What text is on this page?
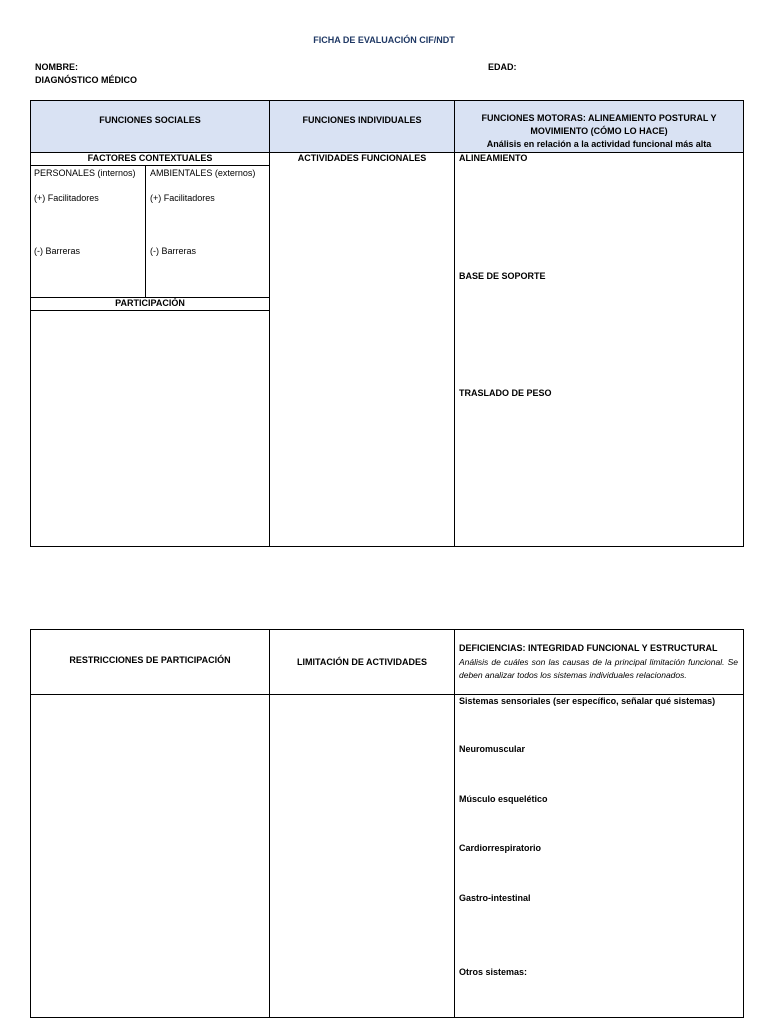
FICHA DE EVALUACIÓN CIF/NDT
NOMBRE:
DIAGNÓSTICO MÉDICO
EDAD:
FUNCIONES SOCIALES	FUNCIONES INDIVIDUALES	FUNCIONES MOTORAS: ALINEAMIENTO POSTURAL Y
MOVIMIENTO (CÓMO LO HACE)
Análisis en relación a la actividad funcional más alta
FACTORES CONTEXTUALES
PERSONALES (internos) AMBIENTALES (externos)
(+) Facilitadores	(+) Facilitadores
(-) Barreras	(-) Barreras
PARTICIPACIÓN
ACTIVIDADES FUNCIONALES	ALINEAMIENTO
BASE DE SOPORTE
TRASLADO DE PESO
RESTRICCIONES DE PARTICIPACIÓN	LIMITACIÓN DE ACTIVIDADES
DEFICIENCIAS: INTEGRIDAD FUNCIONAL Y ESTRUCTURAL
Análisis de cuáles son las causas de la principal limitación funcional. Se deben analizar todos los sistemas individuales relacionados.
Sistemas sensoriales (ser específico, señalar qué sistemas)
Neuromuscular
Músculo esquelético
Cardiorrespiratorio
Gastro-intestinal
Otros sistemas:
